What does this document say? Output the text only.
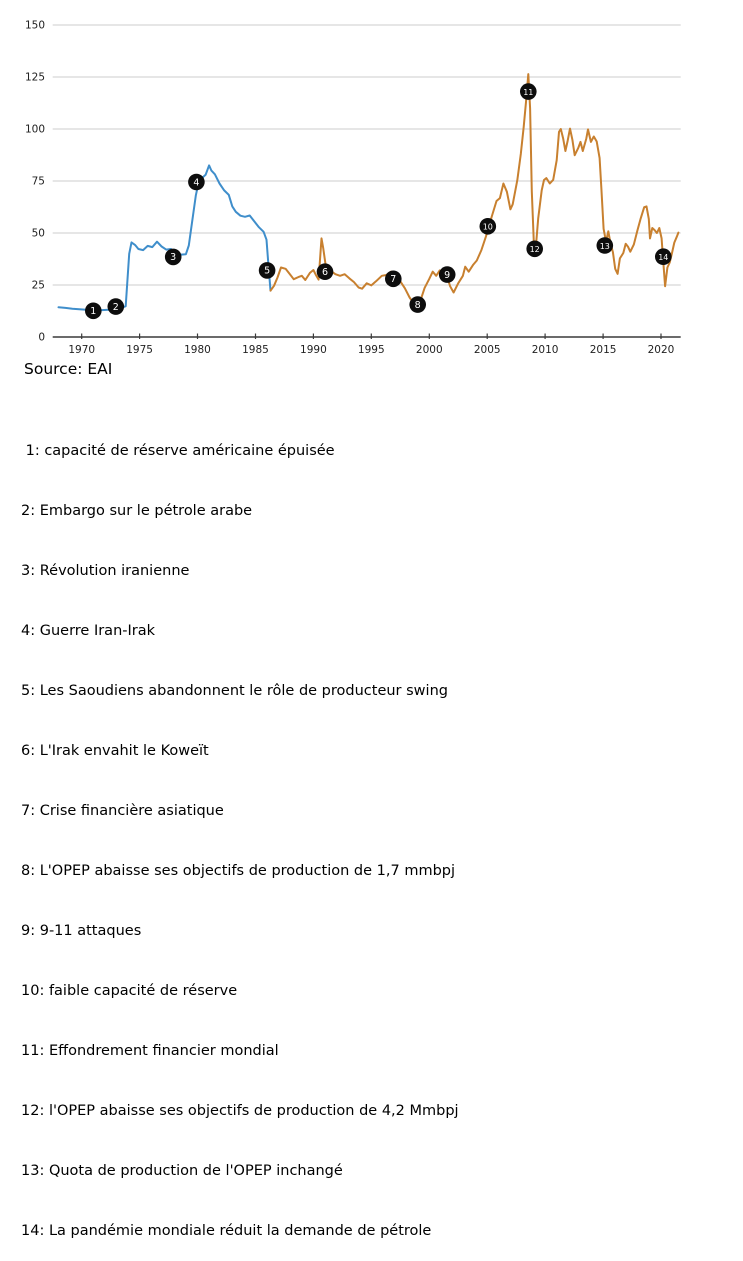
0
25
50
75
100
125
150
1970	1975	1980	1985	1990	1995	2000	2005	2010	2015	2020
1 2
3
4
5	6
7
8
9
10
11
12	13
14
Source: EAI

1: capacité de réserve américaine épuisée

2: Embargo sur le pétrole arabe

3: Révolution iranienne

4: Guerre Iran-Irak

5: Les Saoudiens abandonnent le rôle de producteur swing

6: L'Irak envahit le Koweït

7: Crise financière asiatique

8: L'OPEP abaisse ses objectifs de production de 1,7 mmbpj

9: 9-11 attaques

10: faible capacité de réserve

11: Effondrement financier mondial

12: l'OPEP abaisse ses objectifs de production de 4,2 Mmbpj

13: Quota de production de l'OPEP inchangé

14: La pandémie mondiale réduit la demande de pétrole
